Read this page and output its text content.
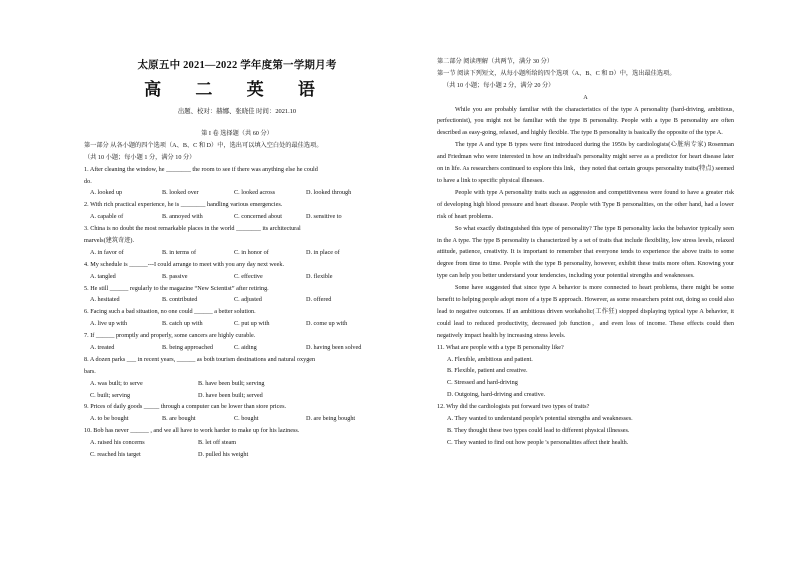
太原五中 2021—2022 学年度第一学期月考
高 二 英 语
出题、校对：赫娜、张晓佳 时间：2021.10
第 I 卷 选择题（共 60 分）
第一部分 从各小题的四个选项（A、B、C 和 D）中，选出可以填入空白处的最佳选项。
（共 10 小题；每小题 1 分，满分 10 分）
1. After cleaning the window, he ________ the room to see if there was anything else he could
do.
A. looked up	B. looked over	C. looked across	D. looked through
2. With rich practical experience, he is ________ handling various emergencies.
A. capable of	B. annoyed with	C. concerned about	D. sensitive to
3. China is no doubt the most remarkable places in the world ________ its architectural
marvels(建筑奇迹).
A. in favor of	B. in terms of	C. in honor of	D. in place of
4. My schedule is ______---I could arrange to meet with you any day next week.
A. tangled	B. passive	C. effective	D. flexible
5. He still ______ regularly to the magazine “New Scientist” after retiring.
A. hesitated	B. contributed	C. adjusted	D. offered
6. Facing such a bad situation, no one could ______ a better solution.
A. live up with	B. catch up with	C. put up with	D. come up with
7. If ______ promptly and properly, some cancers are highly curable.
A. treated	B. being approached	C. aiding	D. having been solved
8. A dozen parks ___ in recent years, ______ as both tourism destinations and natural oxygen
bars.
A. was built; to serve	B. have been built; serving
C. built; serving	D. have been built; served
9. Prices of daily goods _____ through a computer can be lower than store prices.
A. to be bought	B. are bought	C. bought	D. are being bought
10. Bob has never ______ , and we all have to work harder to make up for his laziness.
A. raised his concerns	B. let off steam
C. reached his target	D. pulled his weight
第二部分 阅读理解（共两节，满分 30 分）
第一节 阅读下列短文，从每小题所给的四个选项（A、B、C 和 D）中，选出最佳选项。
（共 10 小题；每小题 2 分，满分 20 分）
A

While you are probably familiar with the characteristics of the type A personality (hard-driving, ambitious, perfectionist), you might not be familiar with the type B personality. People with a type B personality are often described as easy-going, relaxed, and highly flexible. The type B personality is basically the opposite of the type A.

The type A and type B types were first introduced during the 1950s by cardiologists(心脏病专家) Rosenman and Friedman who were interested in how an individual's personality might serve as a predictor for heart disease later on in life. As researchers continued to explore this link，they noted that certain groups personality traits(特点) seemed to have a link to specific physical illnesses.

People with type A personality traits such as aggression and competitiveness were found to have a greater risk of developing high blood pressure and heart disease. People with Type B personalities, on the other hand, had a lower risk of heart problems.

So what exactly distinguished this type of personality? The type B personality lacks the behavior typically seen in the A type. The type B personality is characterized by a set of traits that include flexibility, low stress levels, relaxed attitude, patience, creativity. It is important to remember that everyone tends to experience the above traits to some degree from time to time. People with the type B personality, however, exhibit these traits more often. Knowing your type can help you better understand your tendencies, including your potential strengths and weaknesses.

Some have suggested that since type A behavior is more connected to heart problems, there might be some benefit to helping people adopt more of a type B approach. However, as some researchers point out, doing so could also lead to negative outcomes. If an ambitious driven workaholic(工作狂) stopped displaying typical type A behavior, it could lead to reduced productivity, decreased job function，and even loss of income. These effects could then negatively impact health by increasing stress levels.

11. What are people with a type B personality like?
A. Flexible, ambitious and patient.
B. Flexible, patient and creative.
C. Stressed and hard-driving
D. Outgoing, hard-driving and creative.
12. Why did the cardiologists put forward two types of traits?
A. They wanted to understand people's potential strengths and weaknesses.
B. They thought these two types could lead to different physical illnesses.
C. They wanted to find out how people 's personalities affect their health.
